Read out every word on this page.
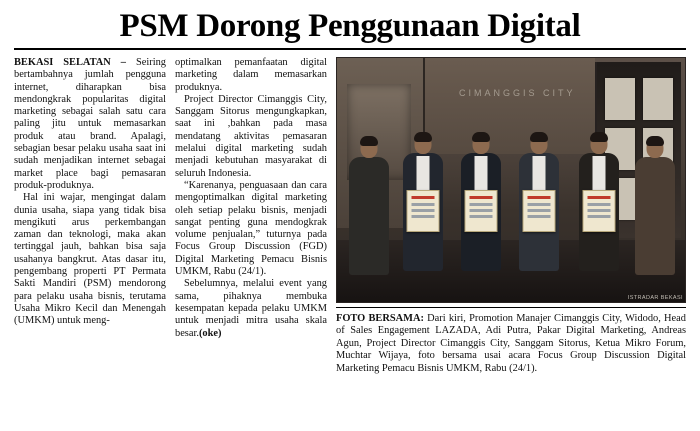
PSM Dorong Penggunaan Digital

BEKASI SELATAN – Seiring bertambahnya jumlah pengguna internet, diharapkan bisa mendongkrak popularitas digital marketing sebagai salah satu cara paling jitu untuk memasarkan produk atau brand. Apalagi, sebagian besar pelaku usaha saat ini sudah menjadikan internet sebagai market place bagi pemasaran produk-produknya.

Hal ini wajar, mengingat dalam dunia usaha, siapa yang tidak bisa mengikuti arus perkembangan zaman dan teknologi, maka akan tertinggal jauh, bahkan bisa saja usahanya bangkrut. Atas dasar itu, pengembang properti PT Permata Sakti Mandiri (PSM) mendorong para pelaku usaha bisnis, terutama Usaha Mikro Kecil dan Menengah (UMKM) untuk meng-

optimalkan pemanfaatan digital marketing dalam memasarkan produknya.

Project Director Cimanggis City, Sanggam Sitorus mengungkapkan, saat ini ,bahkan pada masa mendatang aktivitas pemasaran melalui digital marketing sudah menjadi kebutuhan masyarakat di seluruh Indonesia.

“Karenanya, penguasaan dan cara mengoptimalkan digital marketing oleh setiap pelaku bisnis, menjadi sangat penting guna mendogkrak volume penjualan,” tuturnya pada Focus Group Discussion (FGD) Digital Marketing Pemacu Bisnis UMKM, Rabu (24/1).

Sebelumnya, melalui event yang sama, pihaknya membuka kesempatan kepada pelaku UMKM untuk menjadi mitra usaha skala besar.(oke)

CIMANGGIS CITY
ISTRADAR BEKASI
FOTO BERSAMA: Dari kiri, Promotion Manajer Cimanggis City, Widodo, Head of Sales Engagement LAZADA, Adi Putra, Pakar Digital Marketing, Andreas Agun, Project Director Cimanggis City, Sanggam Sitorus, Ketua Mikro Forum, Muchtar Wijaya, foto bersama usai acara Focus Group Discussion Digital Marketing Pemacu Bisnis UMKM, Rabu (24/1).
